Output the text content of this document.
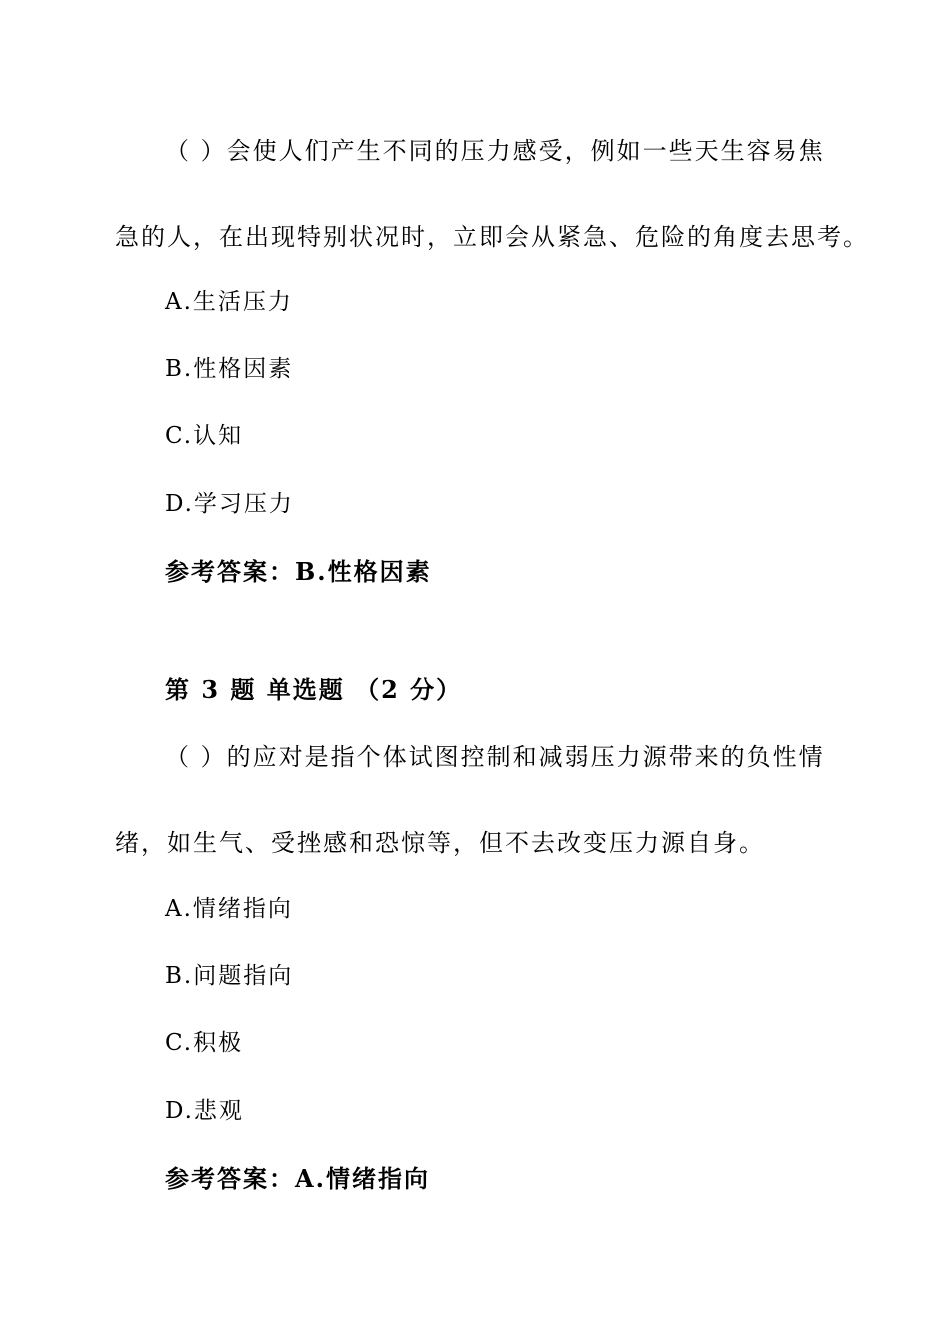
（ ）会使人们产生不同的压力感受，例如一些天生容易焦
急的人，在出现特别状况时，立即会从紧急、危险的角度去思考。
A.生活压力
B.性格因素
C.认知
D.学习压力
参考答案：B.性格因素
第 3 题 单选题 （2 分）
（ ）的应对是指个体试图控制和减弱压力源带来的负性情
绪，如生气、受挫感和恐惊等，但不去改变压力源自身。
A.情绪指向
B.问题指向
C.积极
D.悲观
参考答案：A.情绪指向
